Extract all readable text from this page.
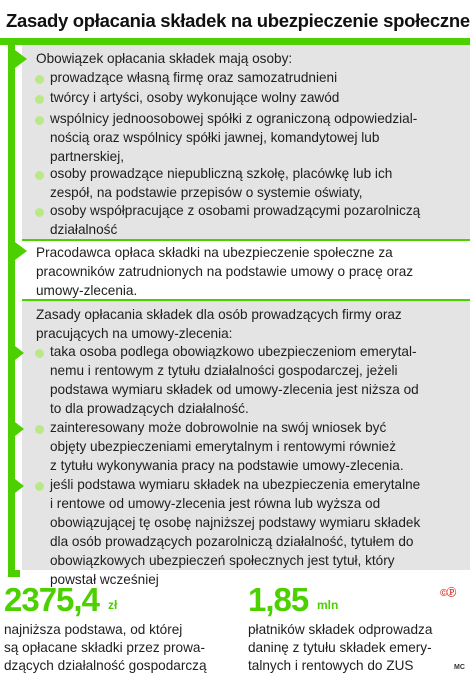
Zasady opłacania składek na ubezpieczenie społeczne
Obowiązek opłacania składek mają osoby:
prowadzące własną firmę oraz samozatrudnieni
twórcy i artyści, osoby wykonujące wolny zawód
wspólnicy jednoosobowej spółki z ograniczoną odpowiedzial-
nością oraz wspólnicy spółki jawnej, komandytowej lub
partnerskiej,
osoby prowadzące niepubliczną szkołę, placówkę lub ich
zespół, na podstawie przepisów o systemie oświaty,
osoby współpracujące z osobami prowadzącymi pozarolniczą
działalność
Pracodawca opłaca składki na ubezpieczenie społeczne za
pracowników zatrudnionych na podstawie umowy o pracę oraz
umowy-zlecenia.
Zasady opłacania składek dla osób prowadzących firmy oraz
pracujących na umowy-zlecenia:
taka osoba podlega obowiązkowo ubezpieczeniom emerytal-
nemu i rentowym z tytułu działalności gospodarczej, jeżeli
podstawa wymiaru składek od umowy-zlecenia jest niższa od
to dla prowadzących działalność.
zainteresowany może dobrowolnie na swój wniosek być
objęty ubezpieczeniami emerytalnym i rentowymi również
z tytułu wykonywania pracy na podstawie umowy-zlecenia.
jeśli podstawa wymiaru składek na ubezpieczenia emerytalne
i rentowe od umowy-zlecenia jest równa lub wyższa od
obowiązującej tę osobę najniższej podstawy wymiaru składek
dla osób prowadzących pozarolniczą działalność, tytułem do
obowiązkowych ubezpieczeń społecznych jest tytuł, który
powstał wcześniej
2375,4 zł
najniższa podstawa, od której
są opłacane składki przez prowa-
dzących działalność gospodarczą
1,85 mln
płatników składek odprowadza
daninę z tytułu składek emery-
talnych i rentowych do ZUS
©Ⓟ
MC
